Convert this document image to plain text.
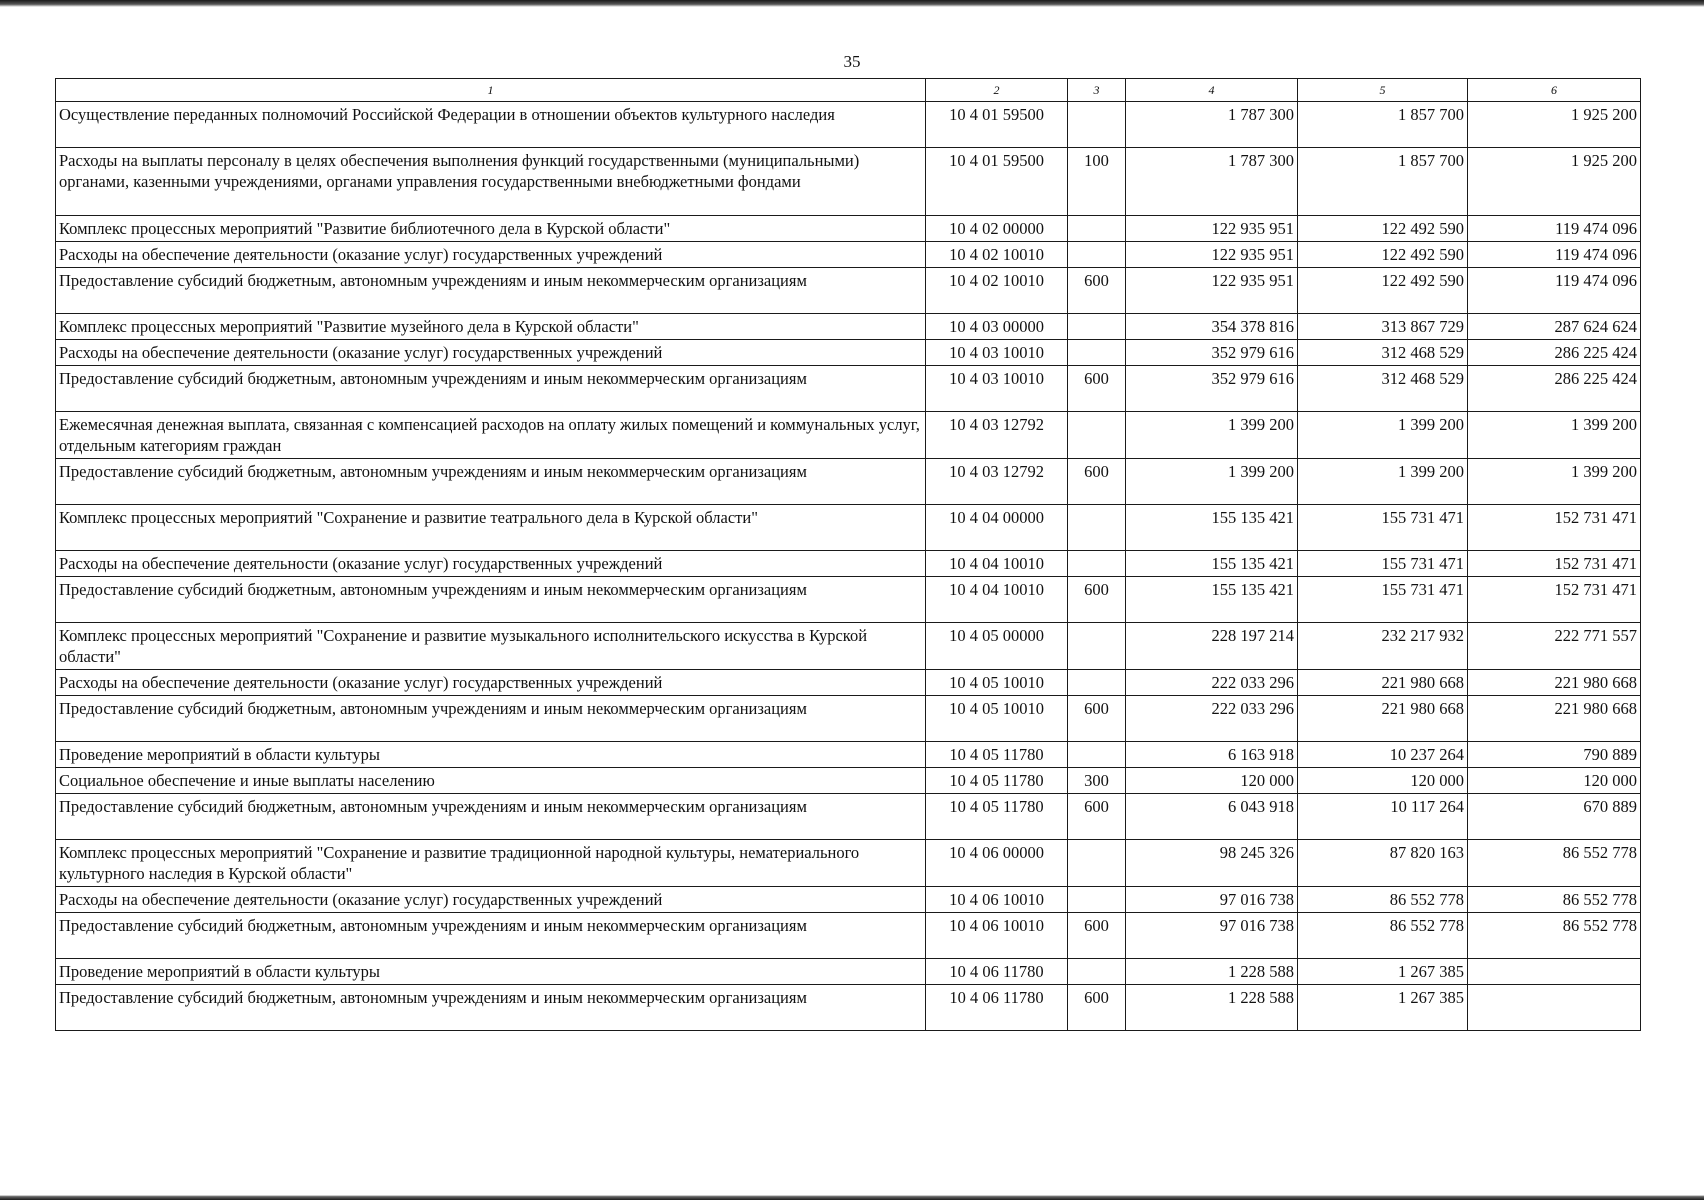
35
1	2	3	4	5	6
Осуществление переданных полномочий Российской Федерации в отношении объектов культурного наследия	10 4 01 59500		1 787 300	1 857 700	1 925 200
Расходы на выплаты персоналу в целях обеспечения выполнения функций государственными (муниципальными) органами, казенными учреждениями, органами управления государственными внебюджетными фондами	10 4 01 59500	100	1 787 300	1 857 700	1 925 200
Комплекс процессных мероприятий "Развитие библиотечного дела в Курской области"	10 4 02 00000		122 935 951	122 492 590	119 474 096
Расходы на обеспечение деятельности (оказание услуг) государственных учреждений	10 4 02 10010		122 935 951	122 492 590	119 474 096
Предоставление субсидий бюджетным, автономным учреждениям и иным некоммерческим организациям	10 4 02 10010	600	122 935 951	122 492 590	119 474 096
Комплекс процессных мероприятий "Развитие музейного дела в Курской области"	10 4 03 00000		354 378 816	313 867 729	287 624 624
Расходы на обеспечение деятельности (оказание услуг) государственных учреждений	10 4 03 10010		352 979 616	312 468 529	286 225 424
Предоставление субсидий бюджетным, автономным учреждениям и иным некоммерческим организациям	10 4 03 10010	600	352 979 616	312 468 529	286 225 424
Ежемесячная денежная выплата, связанная с компенсацией расходов на оплату жилых помещений и коммунальных услуг, отдельным категориям граждан	10 4 03 12792		1 399 200	1 399 200	1 399 200
Предоставление субсидий бюджетным, автономным учреждениям и иным некоммерческим организациям	10 4 03 12792	600	1 399 200	1 399 200	1 399 200
Комплекс процессных мероприятий "Сохранение и развитие театрального дела в Курской области"	10 4 04 00000		155 135 421	155 731 471	152 731 471
Расходы на обеспечение деятельности (оказание услуг) государственных учреждений	10 4 04 10010		155 135 421	155 731 471	152 731 471
Предоставление субсидий бюджетным, автономным учреждениям и иным некоммерческим организациям	10 4 04 10010	600	155 135 421	155 731 471	152 731 471
Комплекс процессных мероприятий "Сохранение и развитие музыкального исполнительского искусства в Курской области"	10 4 05 00000		228 197 214	232 217 932	222 771 557
Расходы на обеспечение деятельности (оказание услуг) государственных учреждений	10 4 05 10010		222 033 296	221 980 668	221 980 668
Предоставление субсидий бюджетным, автономным учреждениям и иным некоммерческим организациям	10 4 05 10010	600	222 033 296	221 980 668	221 980 668
Проведение мероприятий в области культуры	10 4 05 11780		6 163 918	10 237 264	790 889
Социальное обеспечение и иные выплаты населению	10 4 05 11780	300	120 000	120 000	120 000
Предоставление субсидий бюджетным, автономным учреждениям и иным некоммерческим организациям	10 4 05 11780	600	6 043 918	10 117 264	670 889
Комплекс процессных мероприятий "Сохранение и развитие традиционной народной культуры, нематериального культурного наследия в Курской области"	10 4 06 00000		98 245 326	87 820 163	86 552 778
Расходы на обеспечение деятельности (оказание услуг) государственных учреждений	10 4 06 10010		97 016 738	86 552 778	86 552 778
Предоставление субсидий бюджетным, автономным учреждениям и иным некоммерческим организациям	10 4 06 10010	600	97 016 738	86 552 778	86 552 778
Проведение мероприятий в области культуры	10 4 06 11780		1 228 588	1 267 385	
Предоставление субсидий бюджетным, автономным учреждениям и иным некоммерческим организациям	10 4 06 11780	600	1 228 588	1 267 385	
